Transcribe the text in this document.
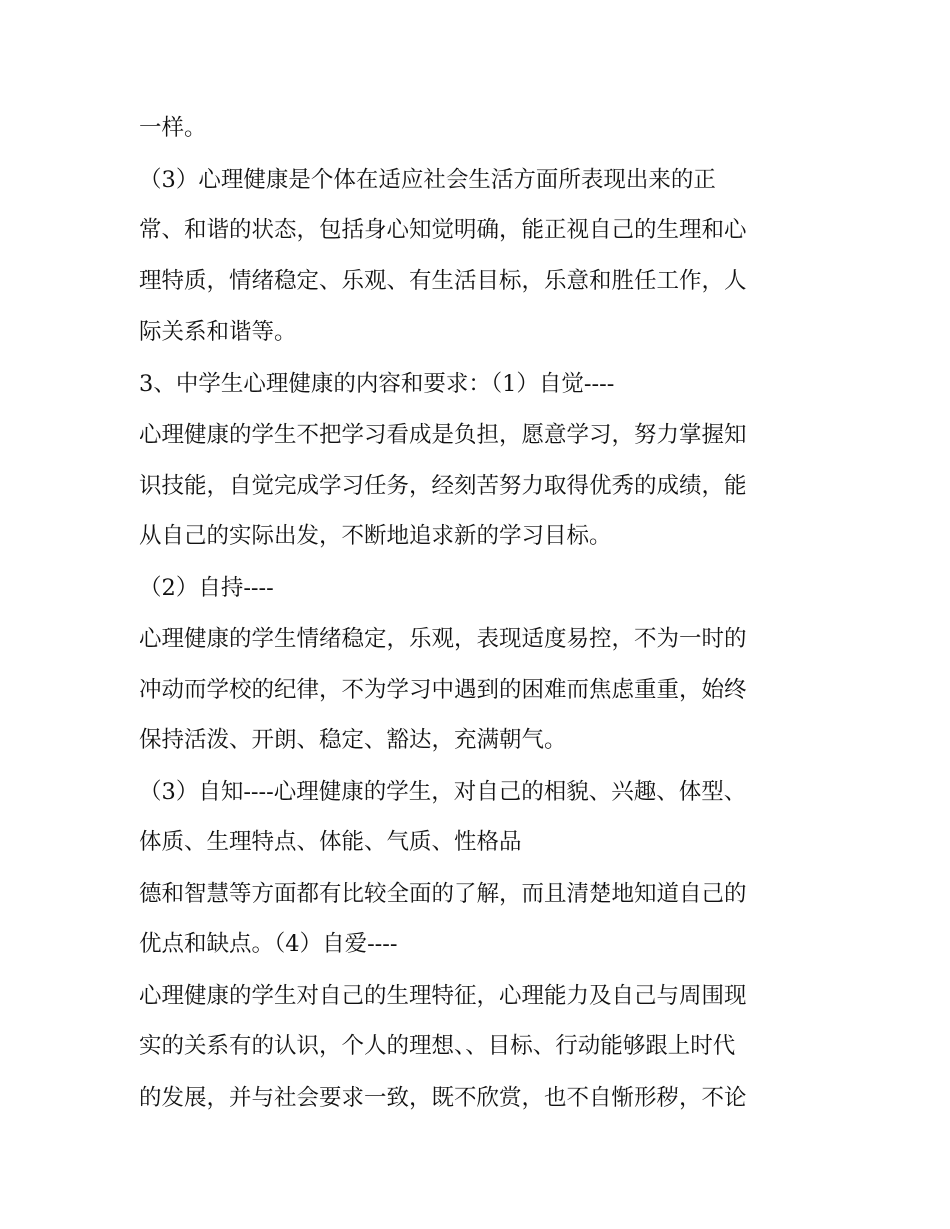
一样。
（3）心理健康是个体在适应社会生活方面所表现出来的正
常、和谐的状态，包括身心知觉明确，能正视自己的生理和心
理特质，情绪稳定、乐观、有生活目标，乐意和胜任工作，人
际关系和谐等。
3、中学生心理健康的内容和要求：（1）自觉----
心理健康的学生不把学习看成是负担，愿意学习，努力掌握知
识技能，自觉完成学习任务，经刻苦努力取得优秀的成绩，能
从自己的实际出发，不断地追求新的学习目标。
（2）自持----
心理健康的学生情绪稳定，乐观，表现适度易控，不为一时的
冲动而学校的纪律，不为学习中遇到的困难而焦虑重重，始终
保持活泼、开朗、稳定、豁达，充满朝气。
（3）自知----心理健康的学生，对自己的相貌、兴趣、体型、
体质、生理特点、体能、气质、性格品
德和智慧等方面都有比较全面的了解，而且清楚地知道自己的
优点和缺点。（4）自爱----
心理健康的学生对自己的生理特征，心理能力及自己与周围现
实的关系有的认识，个人的理想、、目标、行动能够跟上时代
的发展，并与社会要求一致，既不欣赏，也不自惭形秽，不论
